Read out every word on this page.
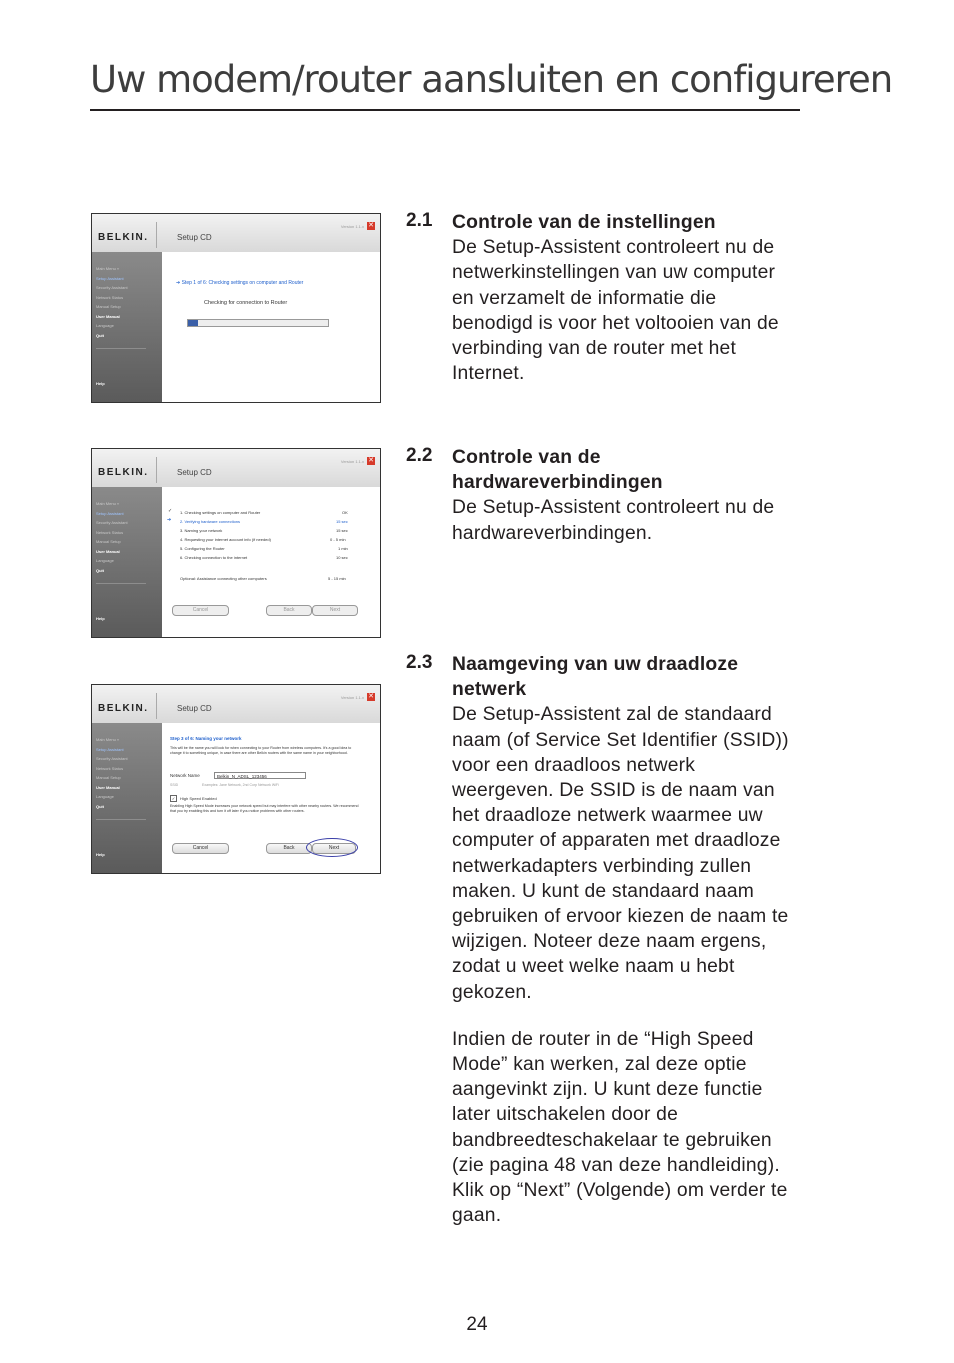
Uw modem/router aansluiten en configureren
2.1 Controle van de instellingen
De Setup-Assistent controleert nu de netwerkinstellingen van uw computer en verzamelt de informatie die benodigd is voor het voltooien van de verbinding van de router met het Internet.

2.2 Controle van de hardwareverbindingen
De Setup-Assistent controleert nu de hardwareverbindingen.

2.3 Naamgeving van uw draadloze netwerk
De Setup-Assistent zal de standaard naam (of Service Set Identifier (SSID)) voor een draadloos netwerk weergeven. De SSID is de naam van het draadloze netwerk waarmee uw computer of apparaten met draadloze netwerkadapters verbinding zullen maken. U kunt de standaard naam gebruiken of ervoor kiezen de naam te wijzigen. Noteer deze naam ergens, zodat u weet welke naam u hebt gekozen.

Indien de router in de “High Speed Mode” kan werken, zal deze optie aangevinkt zijn. U kunt deze functie later uitschakelen door de bandbreedteschakelaar te gebruiken (zie pagina 48 van deze handleiding). Klik op “Next” (Volgende) om verder te gaan.

BELKIN.	Setup CD
Version 1.1.x ✕
Main Menu »
Setup Assistant
Security Assistant
Network Status
Manual Setup
User Manual
Language
Quit
Help
➔ Step 1 of 6: Checking settings on computer and Router
Checking for connection to Router
BELKIN.	Setup CD
Version 1.1.x ✕
Main Menu »
Setup Assistant
Security Assistant
Network Status
Manual Setup
User Manual
Language
Quit
Help
✓ 1. Checking settings on computer and Router	OK
➔ 2. Verifying hardware connections	15 sec
3. Naming your network	15 sec
4. Requesting your internet account info (if needed)	0 - 5 min
5. Configuring the Router	1 min
6. Checking connection to the internet	10 sec
Optional: Assistance connecting other computers	5 - 15 min
Cancel	Back	Next
BELKIN.	Setup CD
Version 1.1.x ✕
Main Menu »
Setup Assistant
Security Assistant
Network Status
Manual Setup
User Manual
Language
Quit
Help
Step 3 of 6: Naming your network
This will be the name you will look for when connecting to your Router from wireless computers. It's a good idea to change it to something unique, in case there are other Belkin routers with the same name in your neighborhood.
Network Name	Belkin_N_ADSL_123456
SSID	Examples: Jane Network, 2nd Corp Network WiFi
✓	High Speed Enabled
Enabling High Speed Mode increases your network speed but may interfere with other nearby routers. We recommend that you try enabling this and turn it off later if you notice problems with other routers.
Cancel	Back	Next
24
